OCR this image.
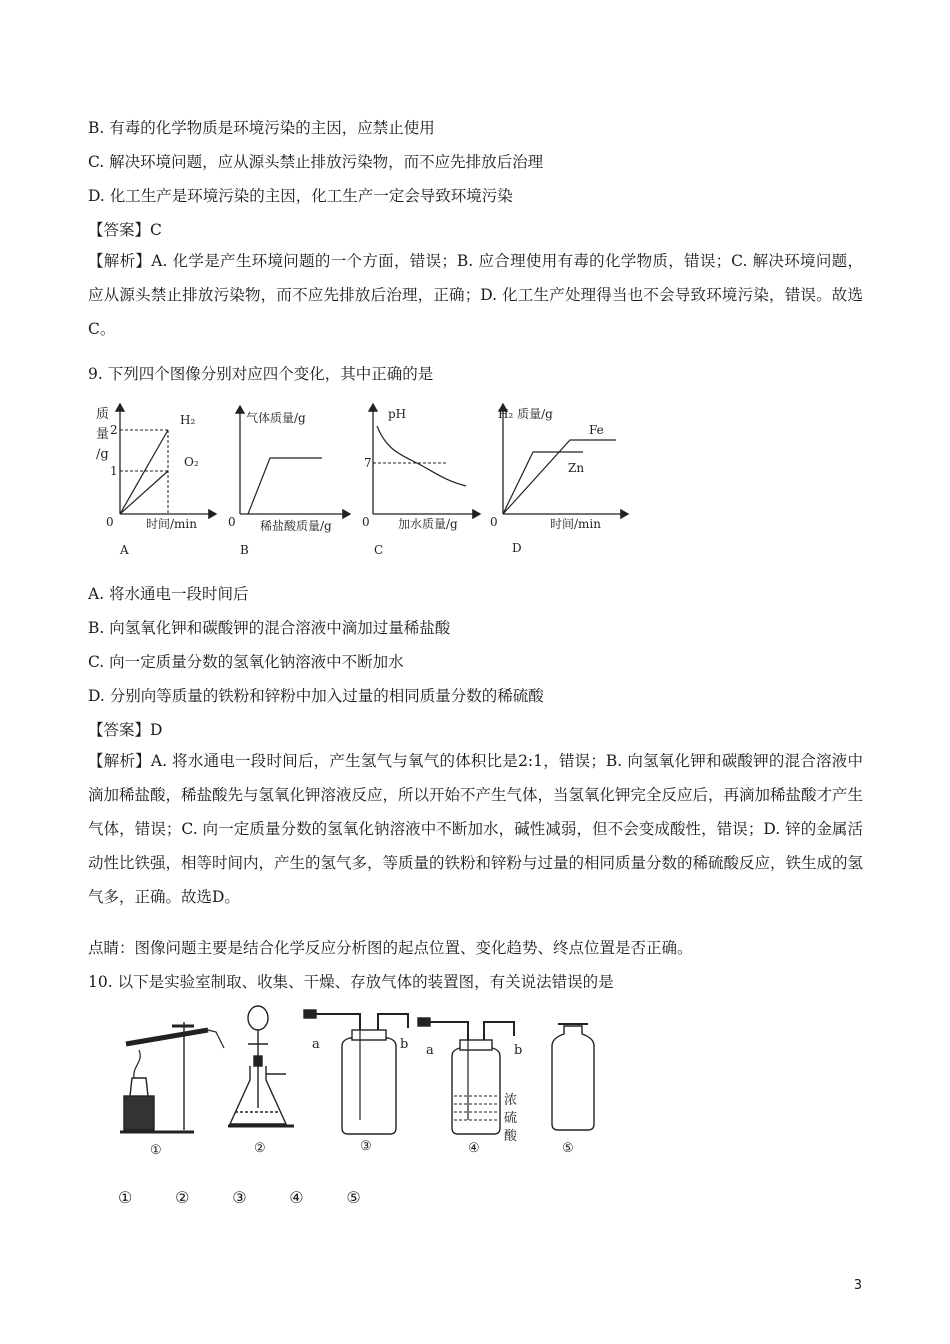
B. 有毒的化学物质是环境污染的主因，应禁止使用
C. 解决环境问题，应从源头禁止排放污染物，而不应先排放后治理
D. 化工生产是环境污染的主因，化工生产一定会导致环境污染
【答案】C
【解析】A. 化学是产生环境问题的一个方面，错误；B. 应合理使用有毒的化学物质，错误；C. 解决环境问题，应从源头禁止排放污染物，而不应先排放后治理，正确；D. 化工生产处理得当也不会导致环境污染，错误。故选C。
9. 下列四个图像分别对应四个变化，其中正确的是
质
量
/g
2
1
0	时间/min
H₂
O₂
A
气体质量/g
0 稀盐酸质量/g
B
pH
7
0 加水质量/g
C
H₂ 质量/g
0	时间/min
Fe
Zn
D
A. 将水通电一段时间后
B. 向氢氧化钾和碳酸钾的混合溶液中滴加过量稀盐酸
C. 向一定质量分数的氢氧化钠溶液中不断加水
D. 分别向等质量的铁粉和锌粉中加入过量的相同质量分数的稀硫酸
【答案】D
【解析】A. 将水通电一段时间后，产生氢气与氧气的体积比是2:1，错误；B. 向氢氧化钾和碳酸钾的混合溶液中滴加稀盐酸，稀盐酸先与氢氧化钾溶液反应，所以开始不产生气体，当氢氧化钾完全反应后，再滴加稀盐酸才产生气体，错误；C. 向一定质量分数的氢氧化钠溶液中不断加水，碱性减弱，但不会变成酸性，错误；D. 锌的金属活动性比铁强，相等时间内，产生的氢气多，等质量的铁粉和锌粉与过量的相同质量分数的稀硫酸反应，铁生成的氢气多，正确。故选D。
点睛：图像问题主要是结合化学反应分析图的起点位置、变化趋势、终点位置是否正确。
10. 以下是实验室制取、收集、干燥、存放气体的装置图，有关说法错误的是
①	②	③	④	⑤
a	b a	b
浓
硫
酸
①	②	③	④	⑤
3
